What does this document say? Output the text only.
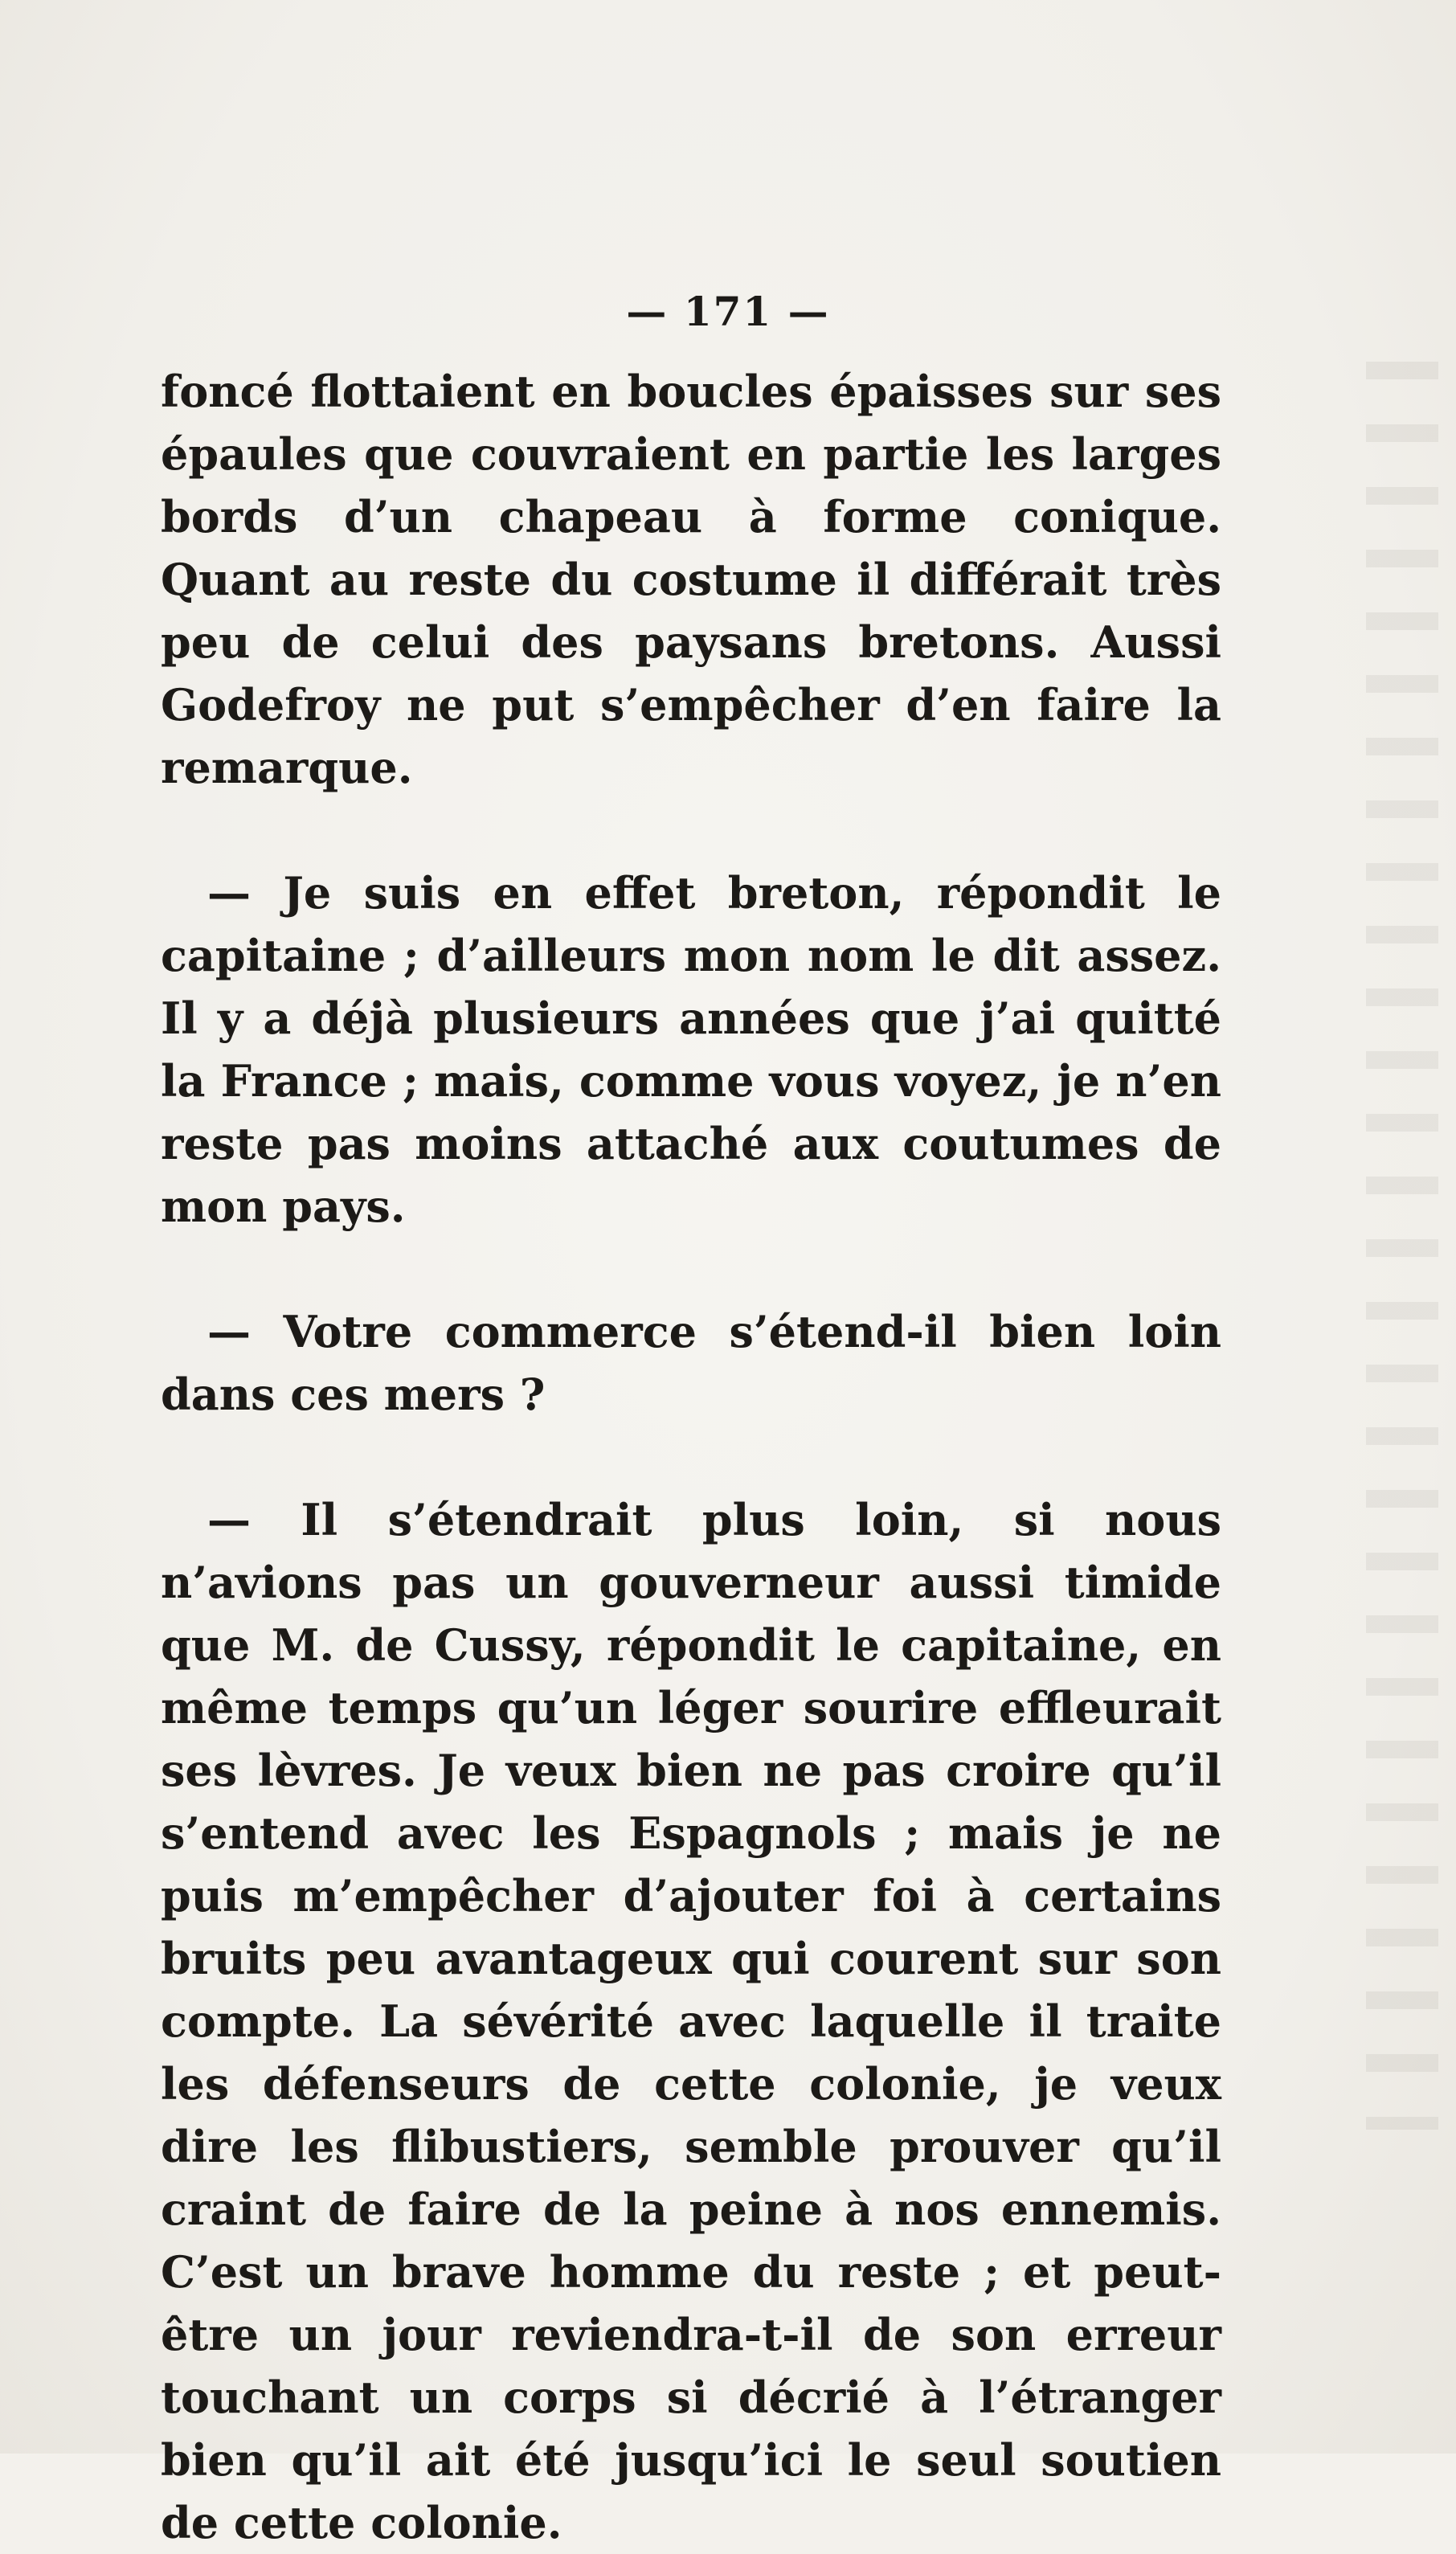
— 171 —

foncé flottaient en boucles épaisses sur ses épaules que couvraient en partie les larges bords d’un chapeau à forme conique. Quant au reste du costume il différait très peu de celui des paysans bretons. Aussi Godefroy ne put s’empêcher d’en faire la remarque.

— Je suis en effet breton, répondit le capitaine ; d’ailleurs mon nom le dit assez. Il y a déjà plusieurs années que j’ai quitté la France ; mais, comme vous voyez, je n’en reste pas moins attaché aux coutumes de mon pays.

— Votre commerce s’étend-il bien loin dans ces mers ?

— Il s’étendrait plus loin, si nous n’avions pas un gouverneur aussi timide que M. de Cussy, répondit le capitaine, en même temps qu’un léger sourire effleurait ses lèvres. Je veux bien ne pas croire qu’il s’entend avec les Espagnols ; mais je ne puis m’empêcher d’ajouter foi à certains bruits peu avantageux qui courent sur son compte. La sévérité avec laquelle il traite les défenseurs de cette colonie, je veux dire les flibustiers, semble prouver qu’il craint de faire de la peine à nos ennemis. C’est un brave homme du reste ; et peut-être un jour reviendra-t-il de son erreur touchant un corps si décrié à l’étranger bien qu’il ait été jusqu’ici le seul soutien de cette colonie.
